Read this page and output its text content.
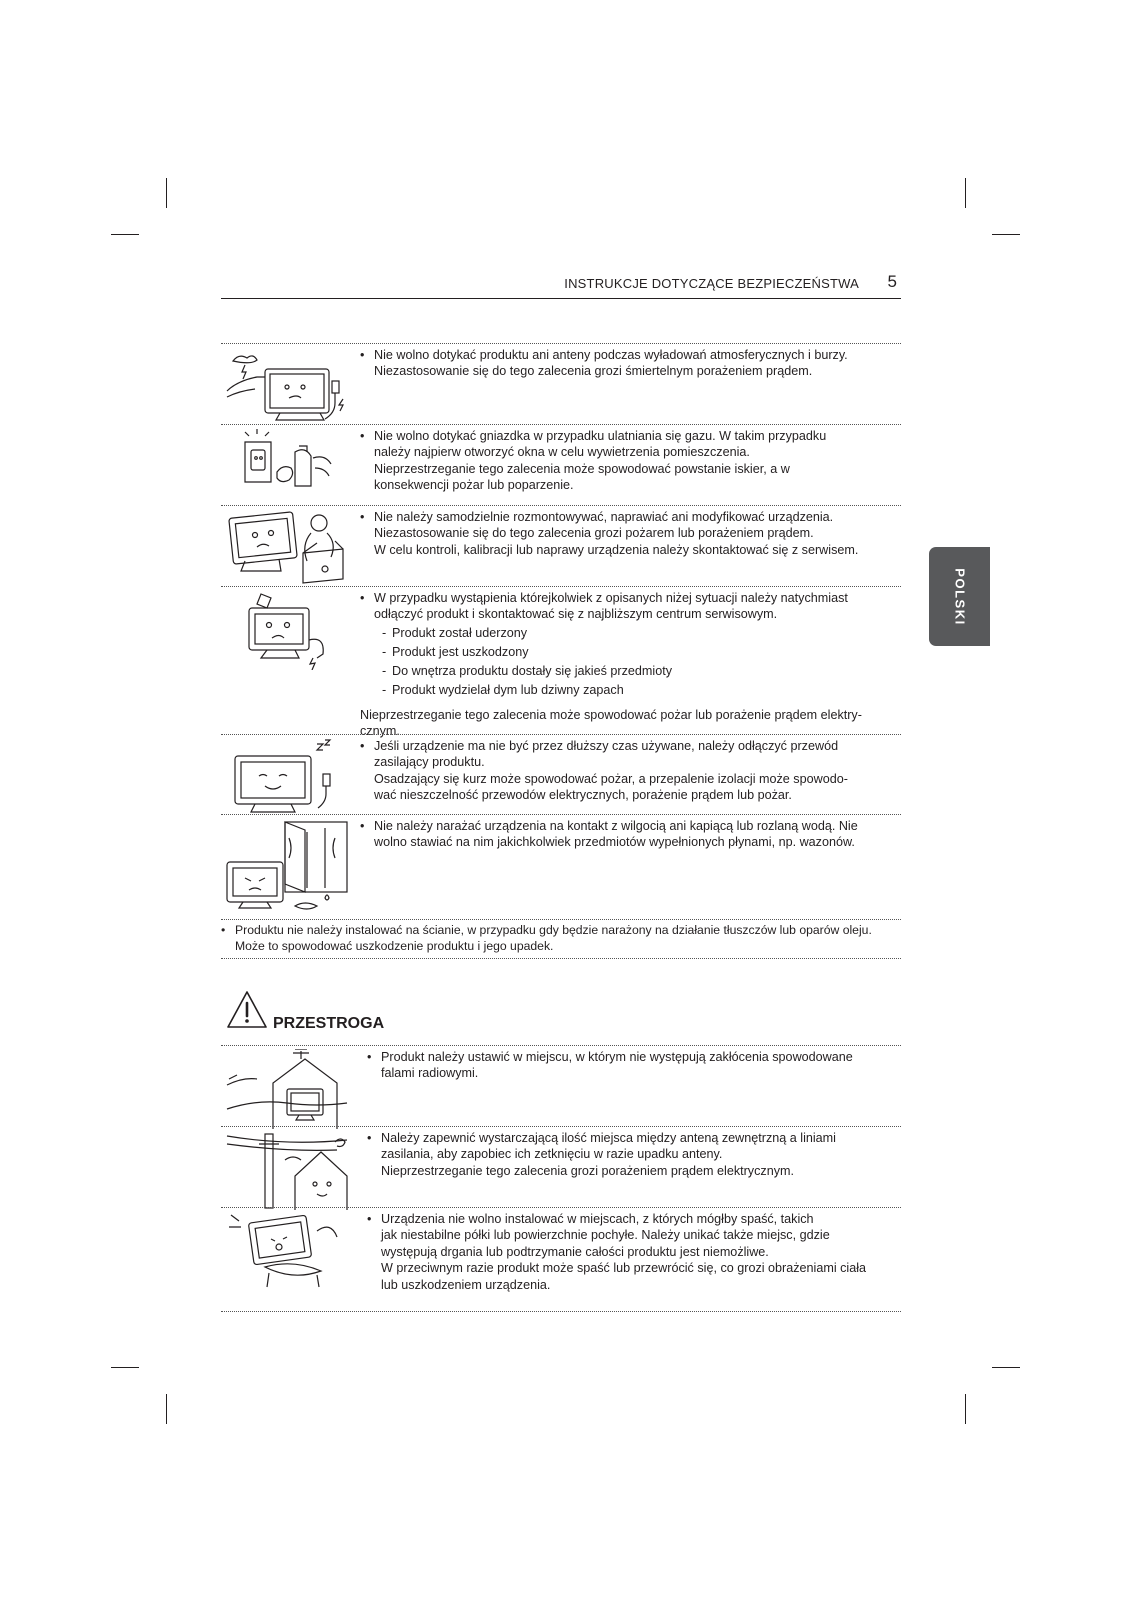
INSTRUKCJE DOTYCZĄCE BEZPIECZEŃSTWA 5
POLSKI

• Nie wolno dotykać produktu ani anteny podczas wyładowań atmosferycznych i burzy.
Niezastosowanie się do tego zalecenia grozi śmiertelnym porażeniem prądem.

• Nie wolno dotykać gniazdka w przypadku ulatniania się gazu. W takim przypadku
należy najpierw otworzyć okna w celu wywietrzenia pomieszczenia.
Nieprzestrzeganie tego zalecenia może spowodować powstanie iskier, a w
konsekwencji pożar lub poparzenie.

• Nie należy samodzielnie rozmontowywać, naprawiać ani modyfikować urządzenia.
Niezastosowanie się do tego zalecenia grozi pożarem lub porażeniem prądem.
W celu kontroli, kalibracji lub naprawy urządzenia należy skontaktować się z serwisem.

• W przypadku wystąpienia którejkolwiek z opisanych niżej sytuacji należy natychmiast
odłączyć produkt i skontaktować się z najbliższym centrum serwisowym.

- Produkt został uderzony

- Produkt jest uszkodzony

- Do wnętrza produktu dostały się jakieś przedmioty

- Produkt wydzielał dym lub dziwny zapach

Nieprzestrzeganie tego zalecenia może spowodować pożar lub porażenie prądem elektry-
cznym.

• Jeśli urządzenie ma nie być przez dłuższy czas używane, należy odłączyć przewód
zasilający produktu.
Osadzający się kurz może spowodować pożar, a przepalenie izolacji może spowodo-
wać nieszczelność przewodów elektrycznych, porażenie prądem lub pożar.

• Nie należy narażać urządzenia na kontakt z wilgocią ani kapiącą lub rozlaną wodą. Nie
wolno stawiać na nim jakichkolwiek przedmiotów wypełnionych płynami, np. wazonów.

• Produktu nie należy instalować na ścianie, w przypadku gdy będzie narażony na działanie tłuszczów lub oparów oleju.
Może to spowodować uszkodzenie produktu i jego upadek.

PRZESTROGA

• Produkt należy ustawić w miejscu, w którym nie występują zakłócenia spowodowane
falami radiowymi.

• Należy zapewnić wystarczającą ilość miejsca między anteną zewnętrzną a liniami
zasilania, aby zapobiec ich zetknięciu w razie upadku anteny.
Nieprzestrzeganie tego zalecenia grozi porażeniem prądem elektrycznym.

• Urządzenia nie wolno instalować w miejscach, z których mógłby spaść, takich
jak niestabilne półki lub powierzchnie pochyłe. Należy unikać także miejsc, gdzie
występują drgania lub podtrzymanie całości produktu jest niemożliwe.
W przeciwnym razie produkt może spaść lub przewrócić się, co grozi obrażeniami ciała
lub uszkodzeniem urządzenia.
